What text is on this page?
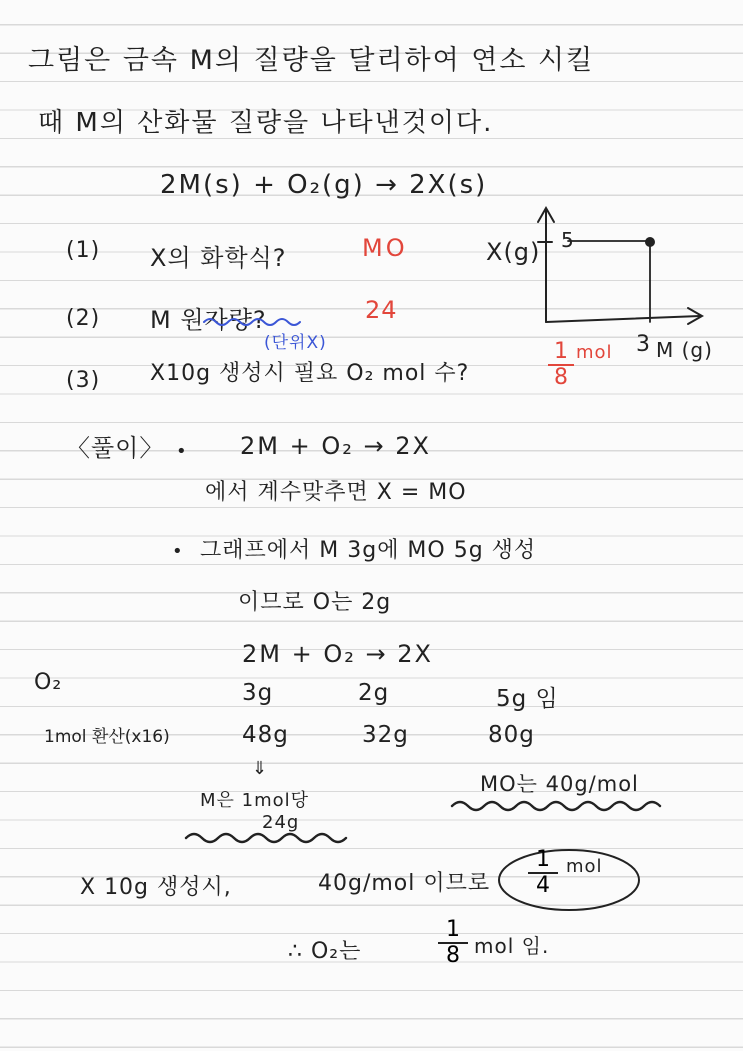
그림은 금속 M의 질량을 달리하여 연소 시킬
때 M의 산화물 질량을 나타낸것이다.
2M(s) + O₂(g) → 2X(s)
(1) X의 화학식?	MO
(2) M 원자량?	24
(단위X)
(3) X10g 생성시 필요 O₂ mol 수?
1
8
mol
X(g) 5
3 M (g)
〈풀이〉 • 2M + O₂ → 2X
에서 계수맞추면 X = MO
• 그래프에서 M 3g에 MO 5g 생성
이므로 O는 2g
2M + O₂ → 2X
3g	2g	5g 임
O₂
1mol 환산(x16)	48g	32g	80g
⇓
M은 1mol당
24g
MO는 40g/mol
X 10g 생성시,	40g/mol 이므로
1
4
mol
∴ O₂는
1
8 mol 임.
